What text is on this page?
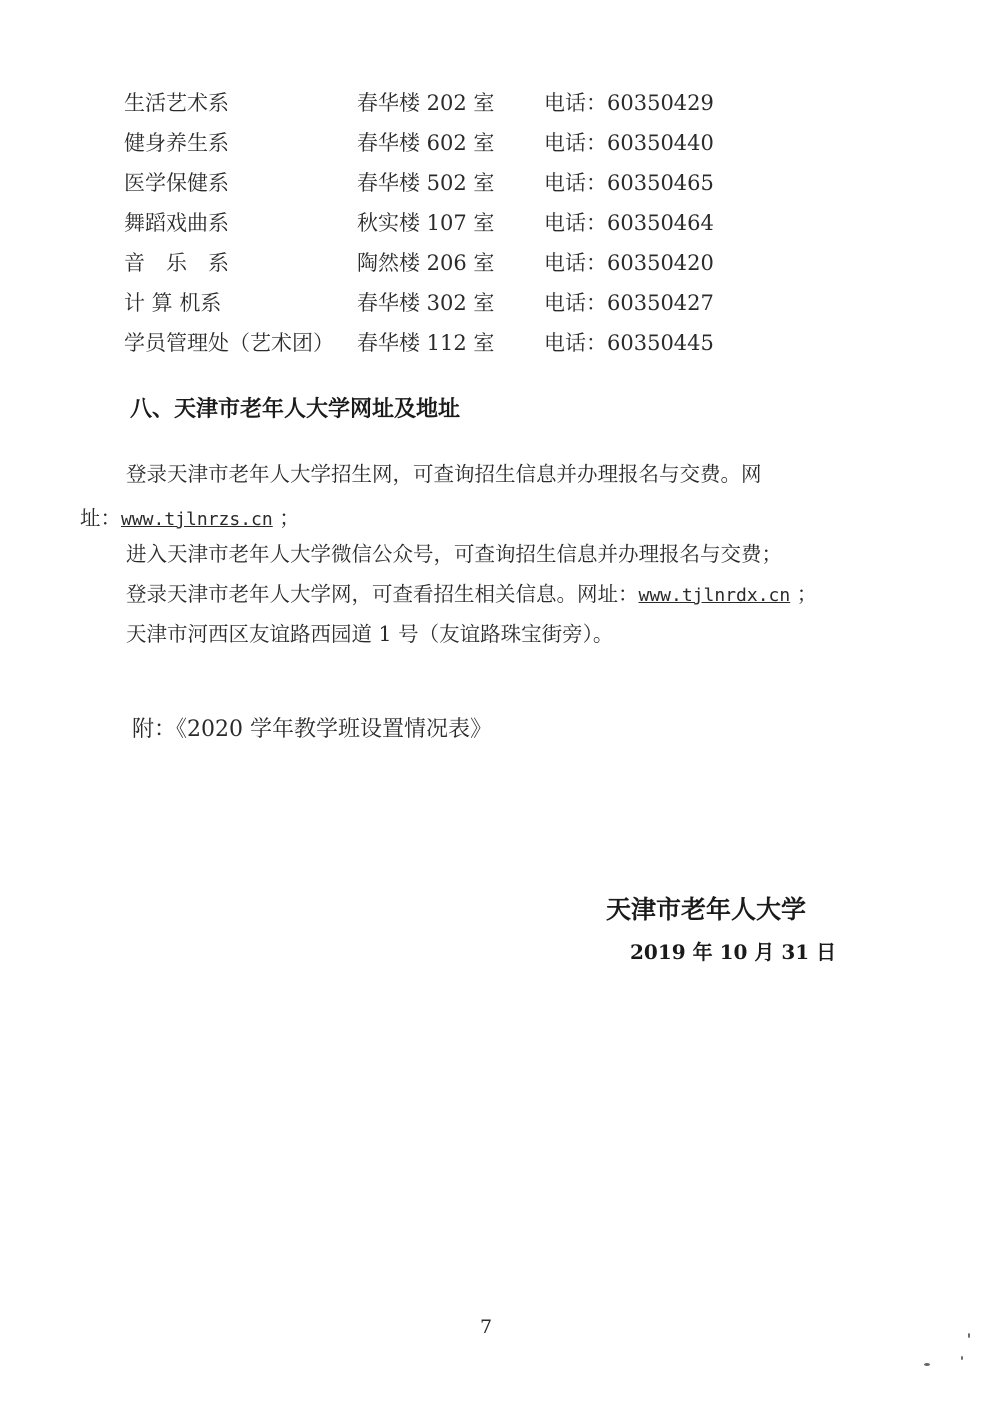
生活艺术系	春华楼 202 室 电话：60350429
健身养生系	春华楼 602 室 电话：60350440
医学保健系	春华楼 502 室 电话：60350465
舞蹈戏曲系	秋实楼 107 室 电话：60350464
音　乐　系	陶然楼 206 室 电话：60350420
计 算 机系	春华楼 302 室 电话：60350427
学员管理处（艺术团） 春华楼 112 室 电话：60350445
八、天津市老年人大学网址及地址
登录天津市老年人大学招生网，可查询招生信息并办理报名与交费。网
址：www.tjlnrzs.cn ；
进入天津市老年人大学微信公众号，可查询招生信息并办理报名与交费；
登录天津市老年人大学网，可查看招生相关信息。网址：www.tjlnrdx.cn ；
天津市河西区友谊路西园道 1 号（友谊路珠宝街旁）。
附：《2020 学年教学班设置情况表》
天津市老年人大学
2019 年 10 月 31 日
7
